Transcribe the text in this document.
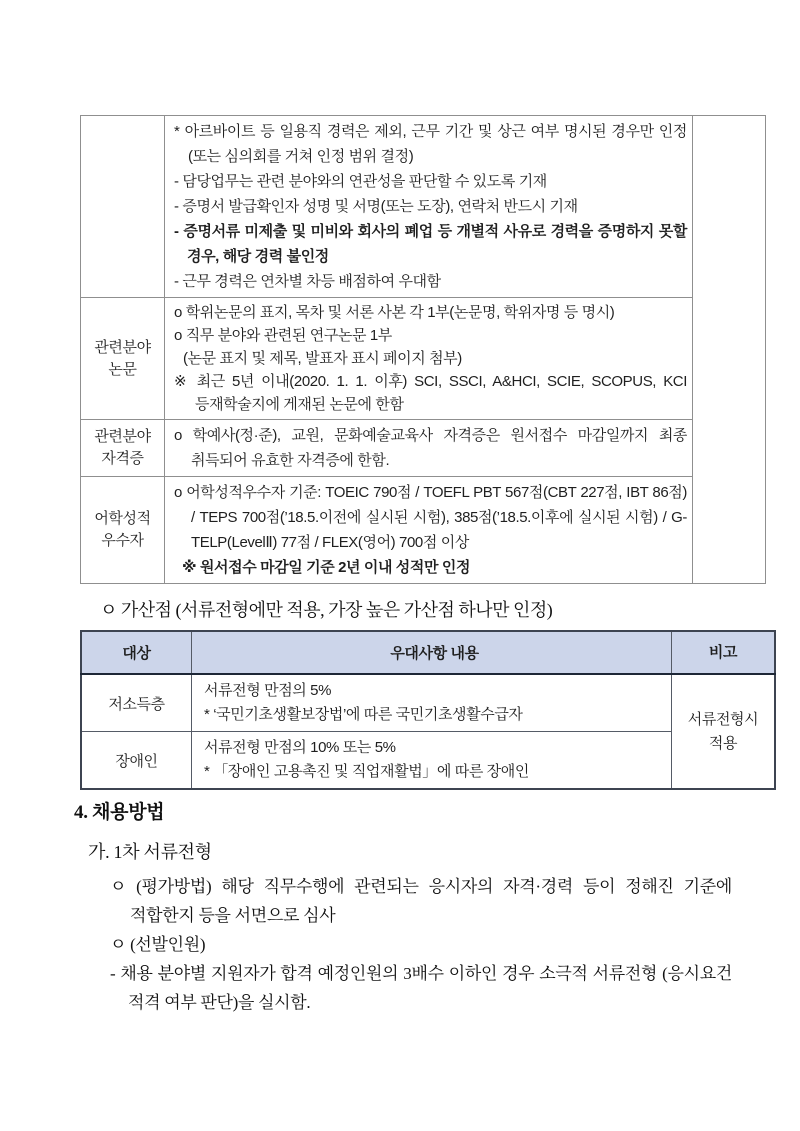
	* 아르바이트 등 일용직 경력은 제외, 근무 기간 및 상근 여부 명시된 경우만 인정 (또는 심의회를 거쳐 인정 범위 결정)
- 담당업무는 관련 분야와의 연관성을 판단할 수 있도록 기재
- 증명서 발급확인자 성명 및 서명(또는 도장), 연락처 반드시 기재
- 증명서류 미제출 및 미비와 회사의 폐업 등 개별적 사유로 경력을 증명하지 못할 경우, 해당 경력 불인정
- 근무 경력은 연차별 차등 배점하여 우대함	

관련분야 논문	o 학위논문의 표지, 목차 및 서론 사본 각 1부(논문명, 학위자명 등 명시)
o 직무 분야와 관련된 연구논문 1부
(논문 표지 및 제목, 발표자 표시 페이지 첨부)
※ 최근 5년 이내(2020. 1. 1. 이후) SCI, SSCI, A&HCI, SCIE, SCOPUS, KCI 등재학술지에 게재된 논문에 한함	

관련분야 자격증	o 학예사(정·준), 교원, 문화예술교육사 자격증은 원서접수 마감일까지 최종 취득되어 유효한 자격증에 한함.	

어학성적 우수자	o 어학성적우수자 기준: TOEIC 790점 / TOEFL PBT 567점(CBT 227점, IBT 86점) / TEPS 700점(’18.5.이전에 실시된 시험), 385점(’18.5.이후에 실시된 시험) / G-TELP(LevelⅡ) 77점 / FLEX(영어) 700점 이상
※ 원서접수 마감일 기준 2년 이내 성적만 인정	
ㅇ 가산점 (서류전형에만 적용, 가장 높은 가산점 하나만 인정)
대상	우대사항 내용	비고
저소득층	서류전형 만점의 5%
* ‘국민기초생활보장법’에 따른 국민기초생활수급자	서류전형시 적용
장애인	서류전형 만점의 10% 또는 5%
* 「장애인 고용촉진 및 직업재활법」에 따른 장애인	
4. 채용방법
가. 1차 서류전형
ㅇ (평가방법) 해당 직무수행에 관련되는 응시자의 자격·경력 등이 정해진 기준에 적합한지 등을 서면으로 심사
ㅇ (선발인원)
- 채용 분야별 지원자가 합격 예정인원의 3배수 이하인 경우 소극적 서류전형 (응시요건 적격 여부 판단)을 실시함.
